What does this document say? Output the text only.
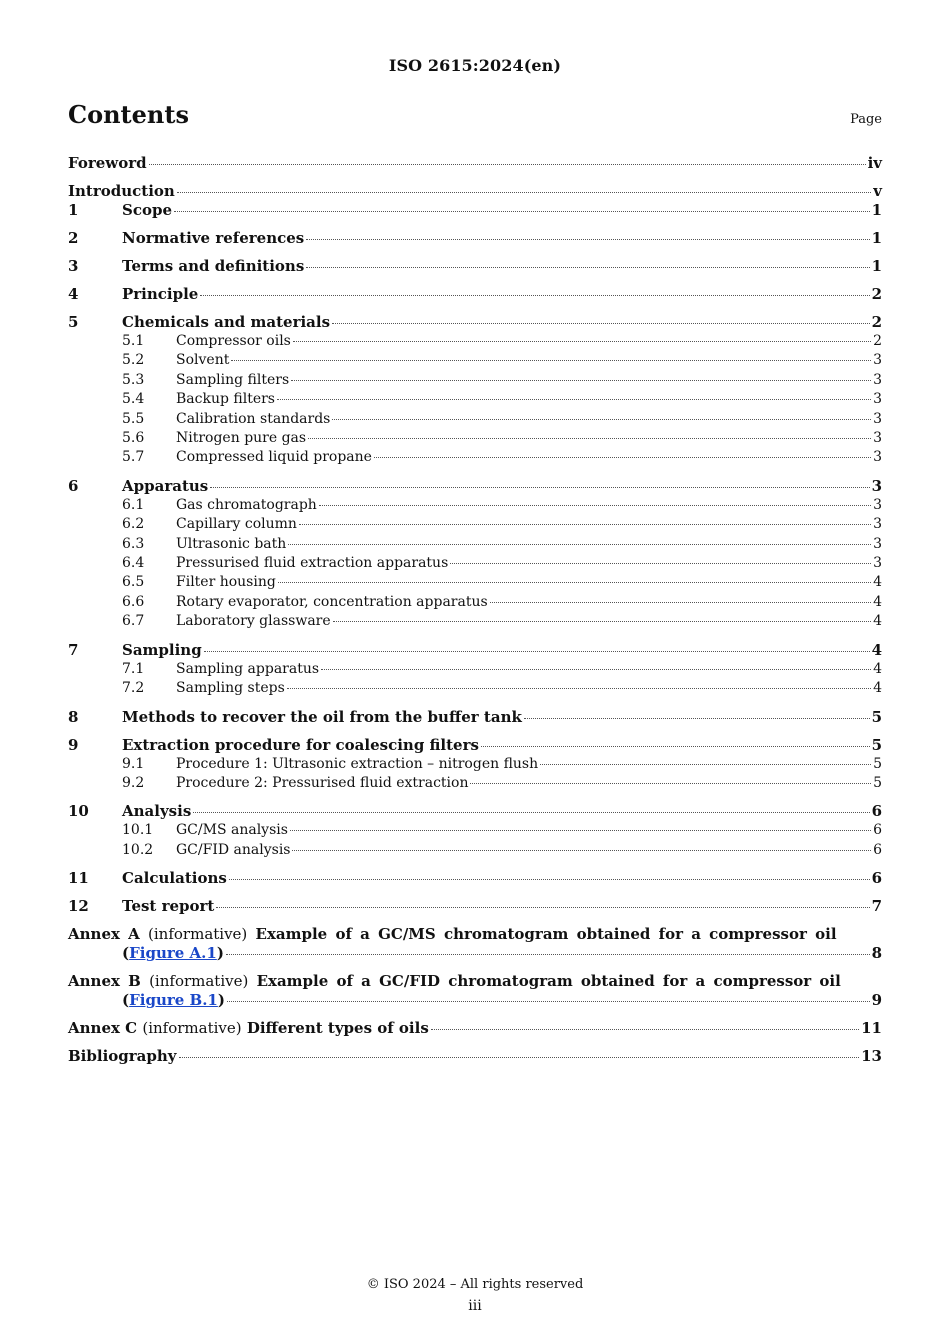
ISO 2615:2024(en)
Contents	Page
Foreword	iv
Introduction	v
1	Scope	1
2	Normative references	1
3	Terms and definitions	1
4	Principle	2
5	Chemicals and materials	2
5.1	Compressor oils	2
5.2	Solvent	3
5.3	Sampling filters	3
5.4	Backup filters	3
5.5	Calibration standards	3
5.6	Nitrogen pure gas	3
5.7	Compressed liquid propane	3
6	Apparatus	3
6.1	Gas chromatograph	3
6.2	Capillary column	3
6.3	Ultrasonic bath	3
6.4	Pressurised fluid extraction apparatus	3
6.5	Filter housing	4
6.6	Rotary evaporator, concentration apparatus	4
6.7	Laboratory glassware	4
7	Sampling	4
7.1	Sampling apparatus	4
7.2	Sampling steps	4
8	Methods to recover the oil from the buffer tank	5
9	Extraction procedure for coalescing filters	5
9.1	Procedure 1: Ultrasonic extraction – nitrogen flush	5
9.2	Procedure 2: Pressurised fluid extraction	5
10	Analysis	6
10.1	GC/MS analysis	6
10.2	GC/FID analysis	6
11	Calculations	6
12	Test report	7
Annex A (informative) Example of a GC/MS chromatogram obtained for a compressor oil
(Figure A.1)	8
Annex B (informative) Example of a GC/FID chromatogram obtained for a compressor oil
(Figure B.1)	9
Annex C (informative) Different types of oils	11
Bibliography	13
© ISO 2024 – All rights reserved
iii
